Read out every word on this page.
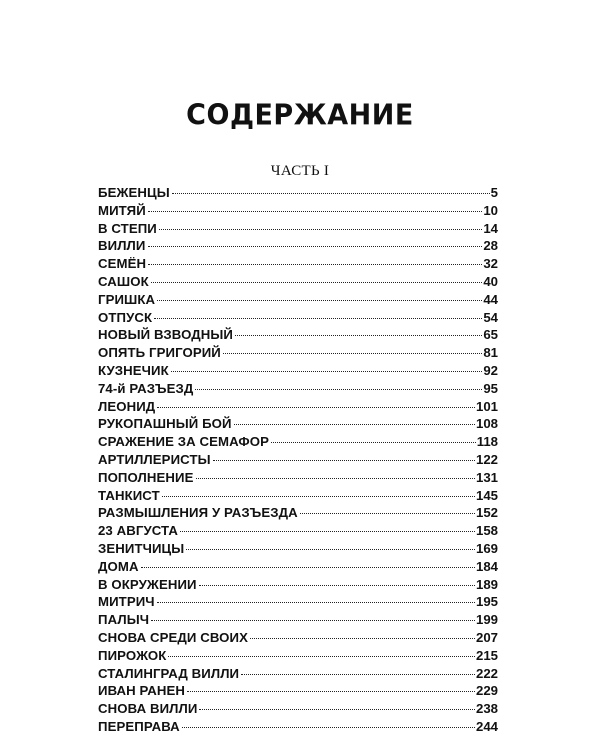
СОДЕРЖАНИЕ
ЧАСТЬ I
БЕЖЕНЦЫ	5
МИТЯЙ	10
В СТЕПИ	14
ВИЛЛИ	28
СЕМЁН	32
САШОК	40
ГРИШКА	44
ОТПУСК	54
НОВЫЙ ВЗВОДНЫЙ	65
ОПЯТЬ ГРИГОРИЙ	81
КУЗНЕЧИК	92
74-й РАЗЪЕЗД	95
ЛЕОНИД	101
РУКОПАШНЫЙ БОЙ	108
СРАЖЕНИЕ ЗА СЕМАФОР	118
АРТИЛЛЕРИСТЫ	122
ПОПОЛНЕНИЕ	131
ТАНКИСТ	145
РАЗМЫШЛЕНИЯ У РАЗЪЕЗДА	152
23 АВГУСТА	158
ЗЕНИТЧИЦЫ	169
ДОМА	184
В ОКРУЖЕНИИ	189
МИТРИЧ	195
ПАЛЫЧ	199
СНОВА СРЕДИ СВОИХ	207
ПИРОЖОК	215
СТАЛИНГРАД ВИЛЛИ	222
ИВАН РАНЕН	229
СНОВА ВИЛЛИ	238
ПЕРЕПРАВА	244
